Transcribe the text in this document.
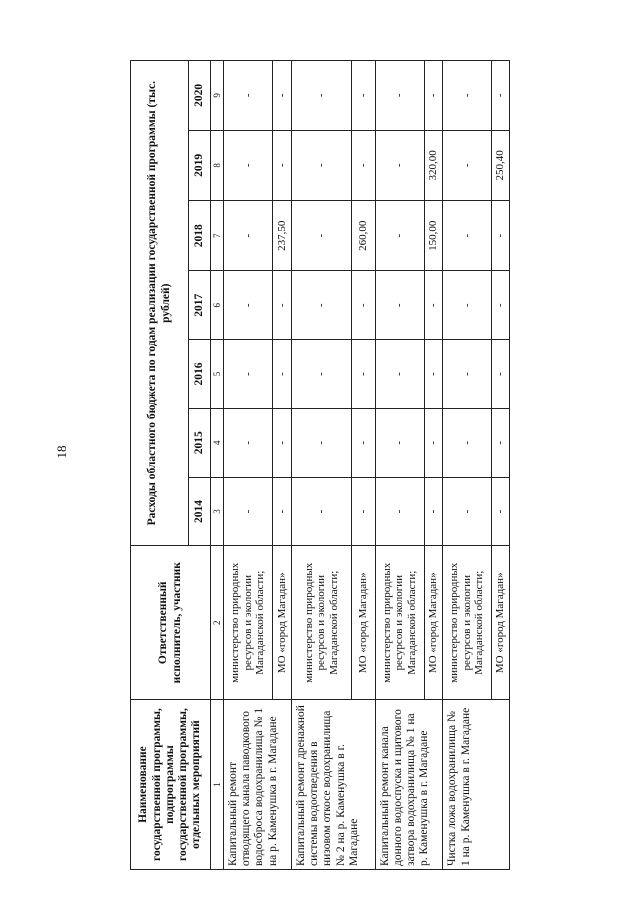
18
Наименование государственной программы, подпрограммы государственной программы, отдельных мероприятий	Ответственный исполнитель, участник	Расходы областного бюджета по годам реализации государственной программы (тыс. рублей)						
		2014	2015	2016	2017	2018	2019	2020
1	2	3	4	5	6	7	8	9
Капитальный ремонт отводящего канала паводкового водосброса водохранилища № 1 на р. Каменушка в г. Магадане	министерство природных ресурсов и экологии Магаданской области;	-	-	-	-	-	-	-
	МО «город Магадан»	-	-	-	-	237,50	-	-
Капитальный ремонт дренажной системы водоотведения в низовом откосе водохранилища № 2 на р. Каменушка в г. Магадане	министерство природных ресурсов и экологии Магаданской области;	-	-	-	-	-	-	-
	МО «город Магадан»	-	-	-	-	260,00	-	-
Капитальный ремонт канала донного водоспуска и щитового затвора водохранилища № 1 на р. Каменушка в г. Магадане	министерство природных ресурсов и экологии Магаданской области;	-	-	-	-	-	-	-
	МО «город Магадан»	-	-	-	-	150,00	320,00	-
Чистка ложа водохранилища № 1 на р. Каменушка в г. Магадане	министерство природных ресурсов и экологии Магаданской области;	-	-	-	-	-	-	-
	МО «город Магадан»	-	-	-	-	-	250,40	-
